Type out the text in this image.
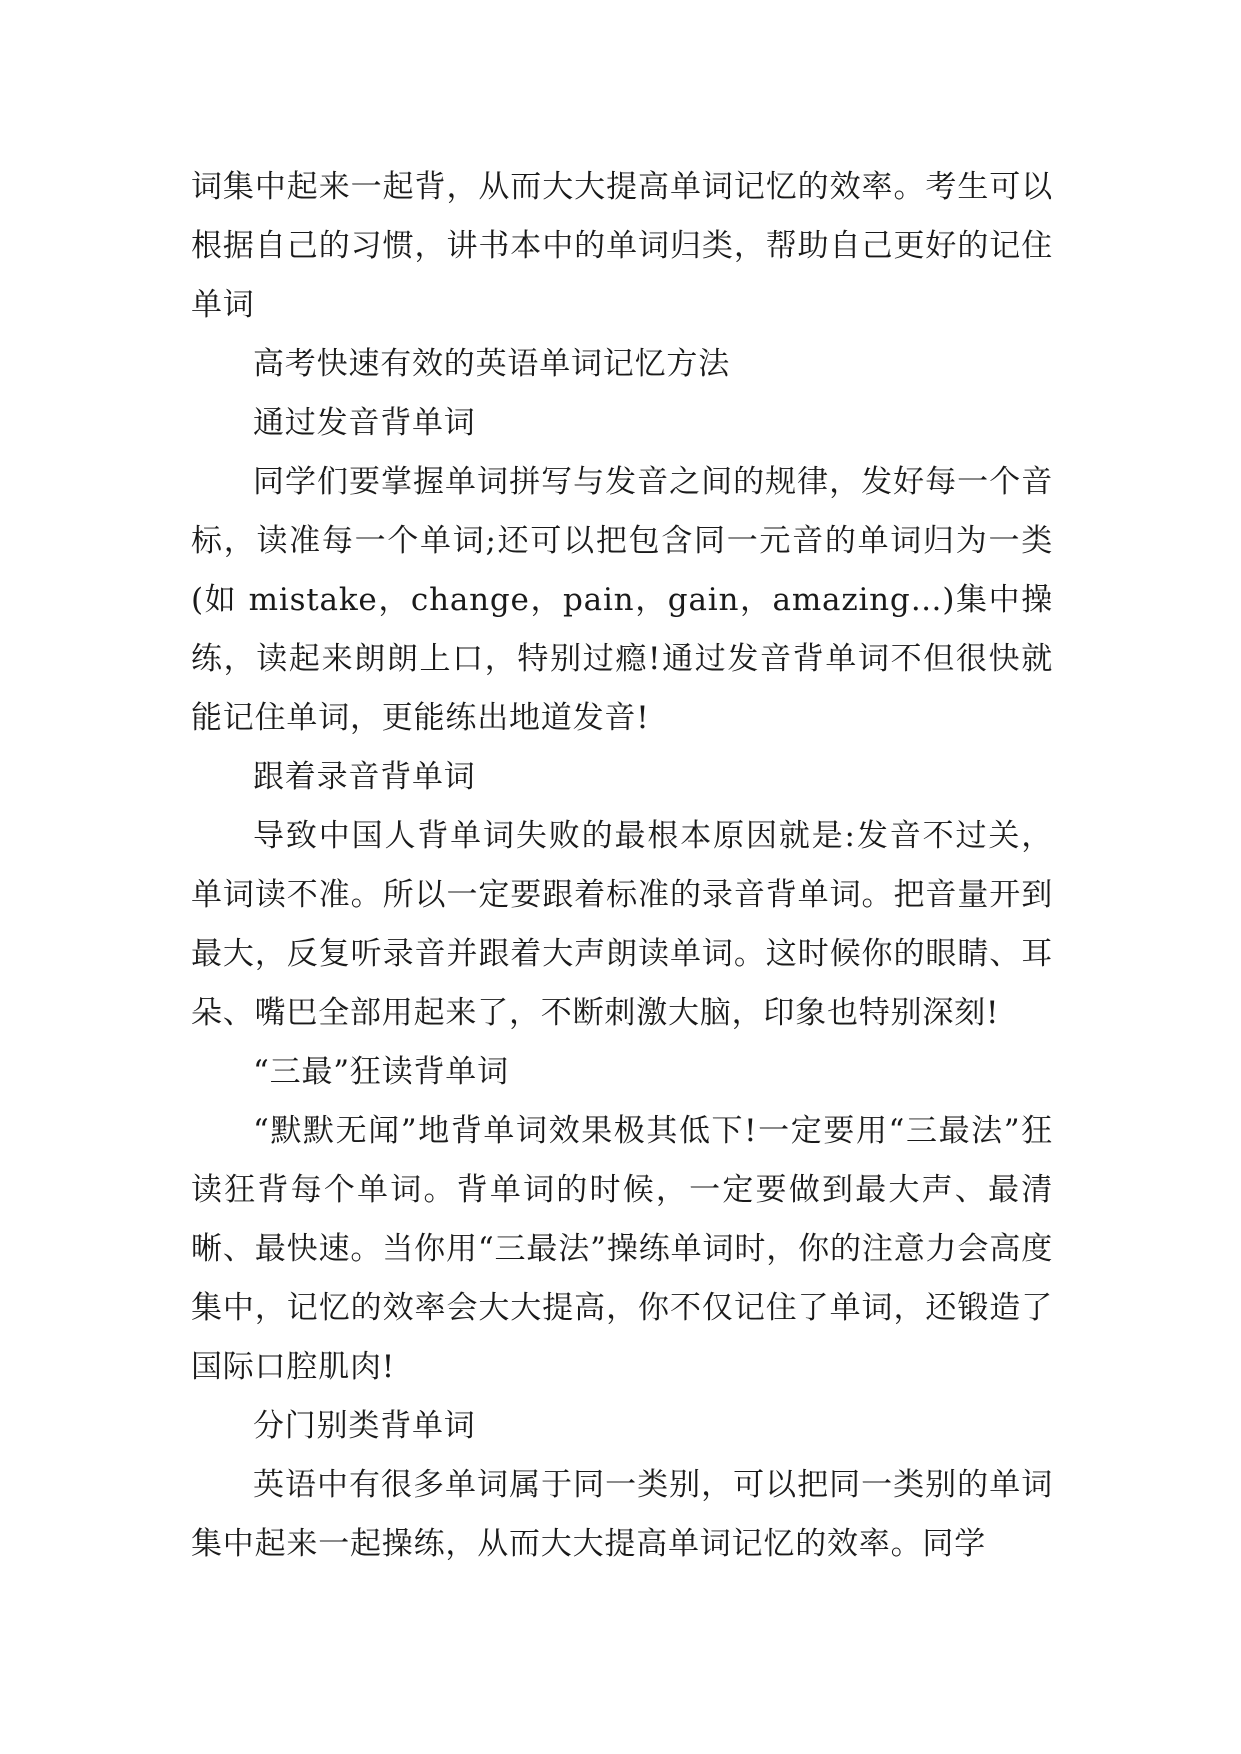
词集中起来一起背，从而大大提高单词记忆的效率。考生可以根据自己的习惯，讲书本中的单词归类，帮助自己更好的记住单词

高考快速有效的英语单词记忆方法

通过发音背单词

同学们要掌握单词拼写与发音之间的规律，发好每一个音标，读准每一个单词;还可以把包含同一元音的单词归为一类(如 mistake，change，pain，gain，amazing…)集中操练，读起来朗朗上口，特别过瘾!通过发音背单词不但很快就能记住单词，更能练出地道发音!

跟着录音背单词

导致中国人背单词失败的最根本原因就是:发音不过关，单词读不准。所以一定要跟着标准的录音背单词。把音量开到最大，反复听录音并跟着大声朗读单词。这时候你的眼睛、耳朵、嘴巴全部用起来了，不断刺激大脑，印象也特别深刻!

“三最”狂读背单词

“默默无闻”地背单词效果极其低下!一定要用“三最法”狂读狂背每个单词。背单词的时候，一定要做到最大声、最清晰、最快速。当你用“三最法”操练单词时，你的注意力会高度集中，记忆的效率会大大提高，你不仅记住了单词，还锻造了国际口腔肌肉!

分门别类背单词

英语中有很多单词属于同一类别，可以把同一类别的单词集中起来一起操练，从而大大提高单词记忆的效率。同学
